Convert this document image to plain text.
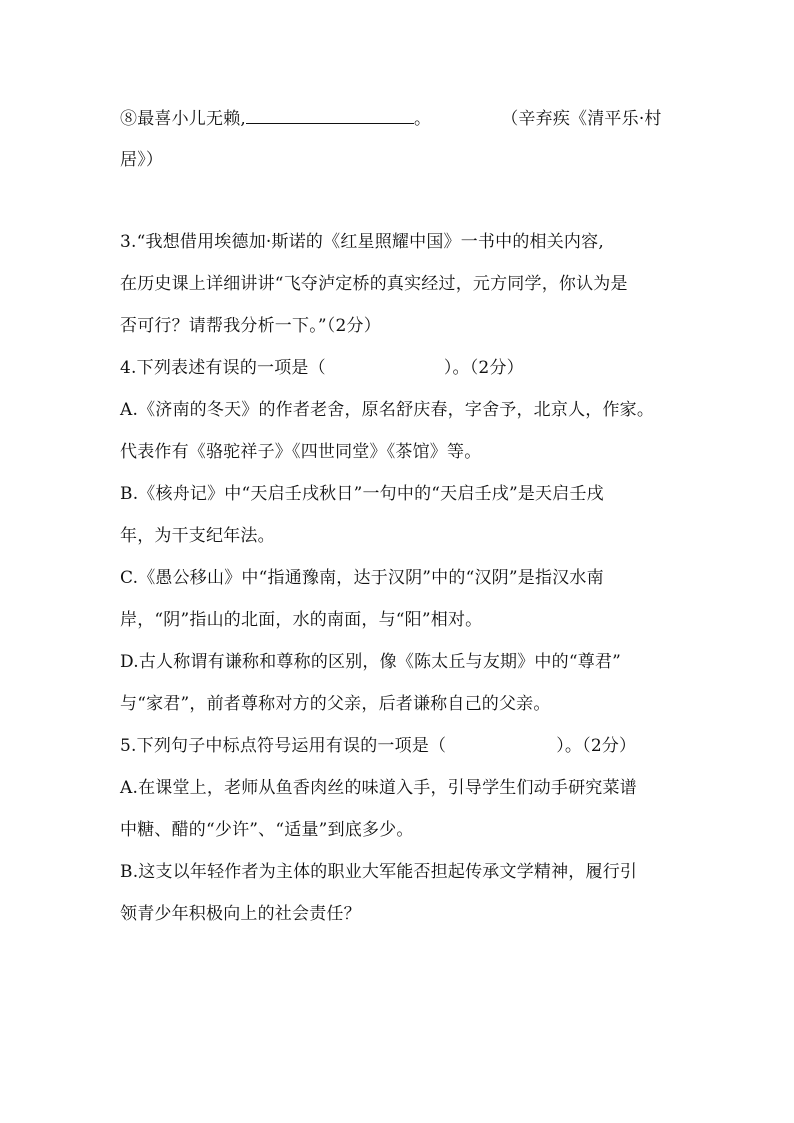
⑧最喜小儿无赖,	。	（辛弃疾《清平乐·村
居》）
3.“我想借用埃德加·斯诺的《红星照耀中国》一书中的相关内容,
在历史课上详细讲讲“飞夺泸定桥的真实经过，元方同学，你认为是
否可行？请帮我分析一下。”（2分）
4.下列表述有误的一项是（	）。（2分）
A.《济南的冬天》的作者老舍，原名舒庆春，字舍予，北京人，作家。
代表作有《骆驼祥子》《四世同堂》《茶馆》等。
B.《核舟记》中“天启壬戌秋日”一句中的“天启壬戌”是天启壬戌
年，为干支纪年法。
C.《愚公移山》中“指通豫南，达于汉阴”中的“汉阴”是指汉水南
岸，“阴”指山的北面，水的南面，与“阳”相对。
D.古人称谓有谦称和尊称的区别，像《陈太丘与友期》中的“尊君”
与“家君”，前者尊称对方的父亲，后者谦称自己的父亲。
5.下列句子中标点符号运用有误的一项是（	）。（2分）
A.在课堂上，老师从鱼香肉丝的味道入手，引导学生们动手研究菜谱
中糖、醋的“少许”、“适量”到底多少。
B.这支以年轻作者为主体的职业大军能否担起传承文学精神，履行引
领青少年积极向上的社会责任？
